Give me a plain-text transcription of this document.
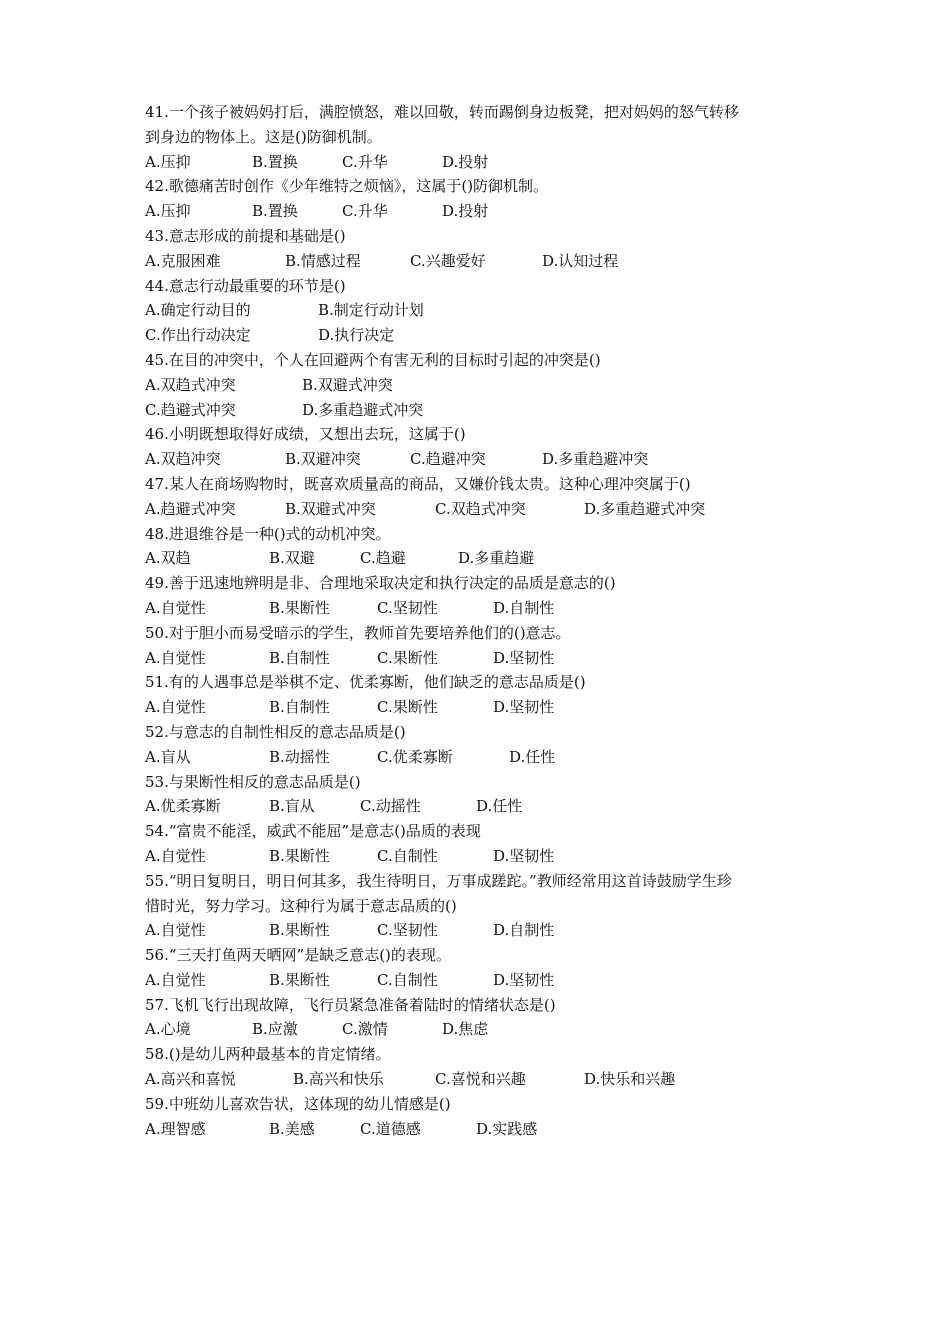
41.一个孩子被妈妈打后，满腔愤怒，难以回敬，转而踢倒身边板凳，把对妈妈的怒气转移
到身边的物体上。这是()防御机制。
A.压抑	B.置换	C.升华	D.投射
42.歌德痛苦时创作《少年维特之烦恼》，这属于()防御机制。
A.压抑	B.置换	C.升华	D.投射
43.意志形成的前提和基础是()
A.克服困难	B.情感过程	C.兴趣爱好	D.认知过程
44.意志行动最重要的环节是()
A.确定行动目的	B.制定行动计划
C.作出行动决定	D.执行决定
45.在目的冲突中，个人在回避两个有害无利的目标时引起的冲突是()
A.双趋式冲突	B.双避式冲突
C.趋避式冲突	D.多重趋避式冲突
46.小明既想取得好成绩，又想出去玩，这属于()
A.双趋冲突	B.双避冲突	C.趋避冲突	D.多重趋避冲突
47.某人在商场购物时，既喜欢质量高的商品，又嫌价钱太贵。这种心理冲突属于()
A.趋避式冲突	B.双避式冲突	C.双趋式冲突	D.多重趋避式冲突
48.进退维谷是一种()式的动机冲突。
A.双趋	B.双避	C.趋避	D.多重趋避
49.善于迅速地辨明是非、合理地采取决定和执行决定的品质是意志的()
A.自觉性	B.果断性	C.坚韧性	D.自制性
50.对于胆小而易受暗示的学生，教师首先要培养他们的()意志。
A.自觉性	B.自制性	C.果断性	D.坚韧性
51.有的人遇事总是举棋不定、优柔寡断，他们缺乏的意志品质是()
A.自觉性	B.自制性	C.果断性	D.坚韧性
52.与意志的自制性相反的意志品质是()
A.盲从	B.动摇性	C.优柔寡断	D.任性
53.与果断性相反的意志品质是()
A.优柔寡断	B.盲从	C.动摇性	D.任性
54.“富贵不能淫，威武不能屈”是意志()品质的表现
A.自觉性	B.果断性	C.自制性	D.坚韧性
55.“明日复明日，明日何其多，我生待明日，万事成蹉跎。”教师经常用这首诗鼓励学生珍
惜时光，努力学习。这种行为属于意志品质的()
A.自觉性	B.果断性	C.坚韧性	D.自制性
56.“三天打鱼两天晒网”是缺乏意志()的表现。
A.自觉性	B.果断性	C.自制性	D.坚韧性
57.飞机飞行出现故障，飞行员紧急准备着陆时的情绪状态是()
A.心境	B.应激	C.激情	D.焦虑
58.()是幼儿两种最基本的肯定情绪。
A.高兴和喜悦	B.高兴和快乐	C.喜悦和兴趣	D.快乐和兴趣
59.中班幼儿喜欢告状，这体现的幼儿情感是()
A.理智感	B.美感	C.道德感	D.实践感
